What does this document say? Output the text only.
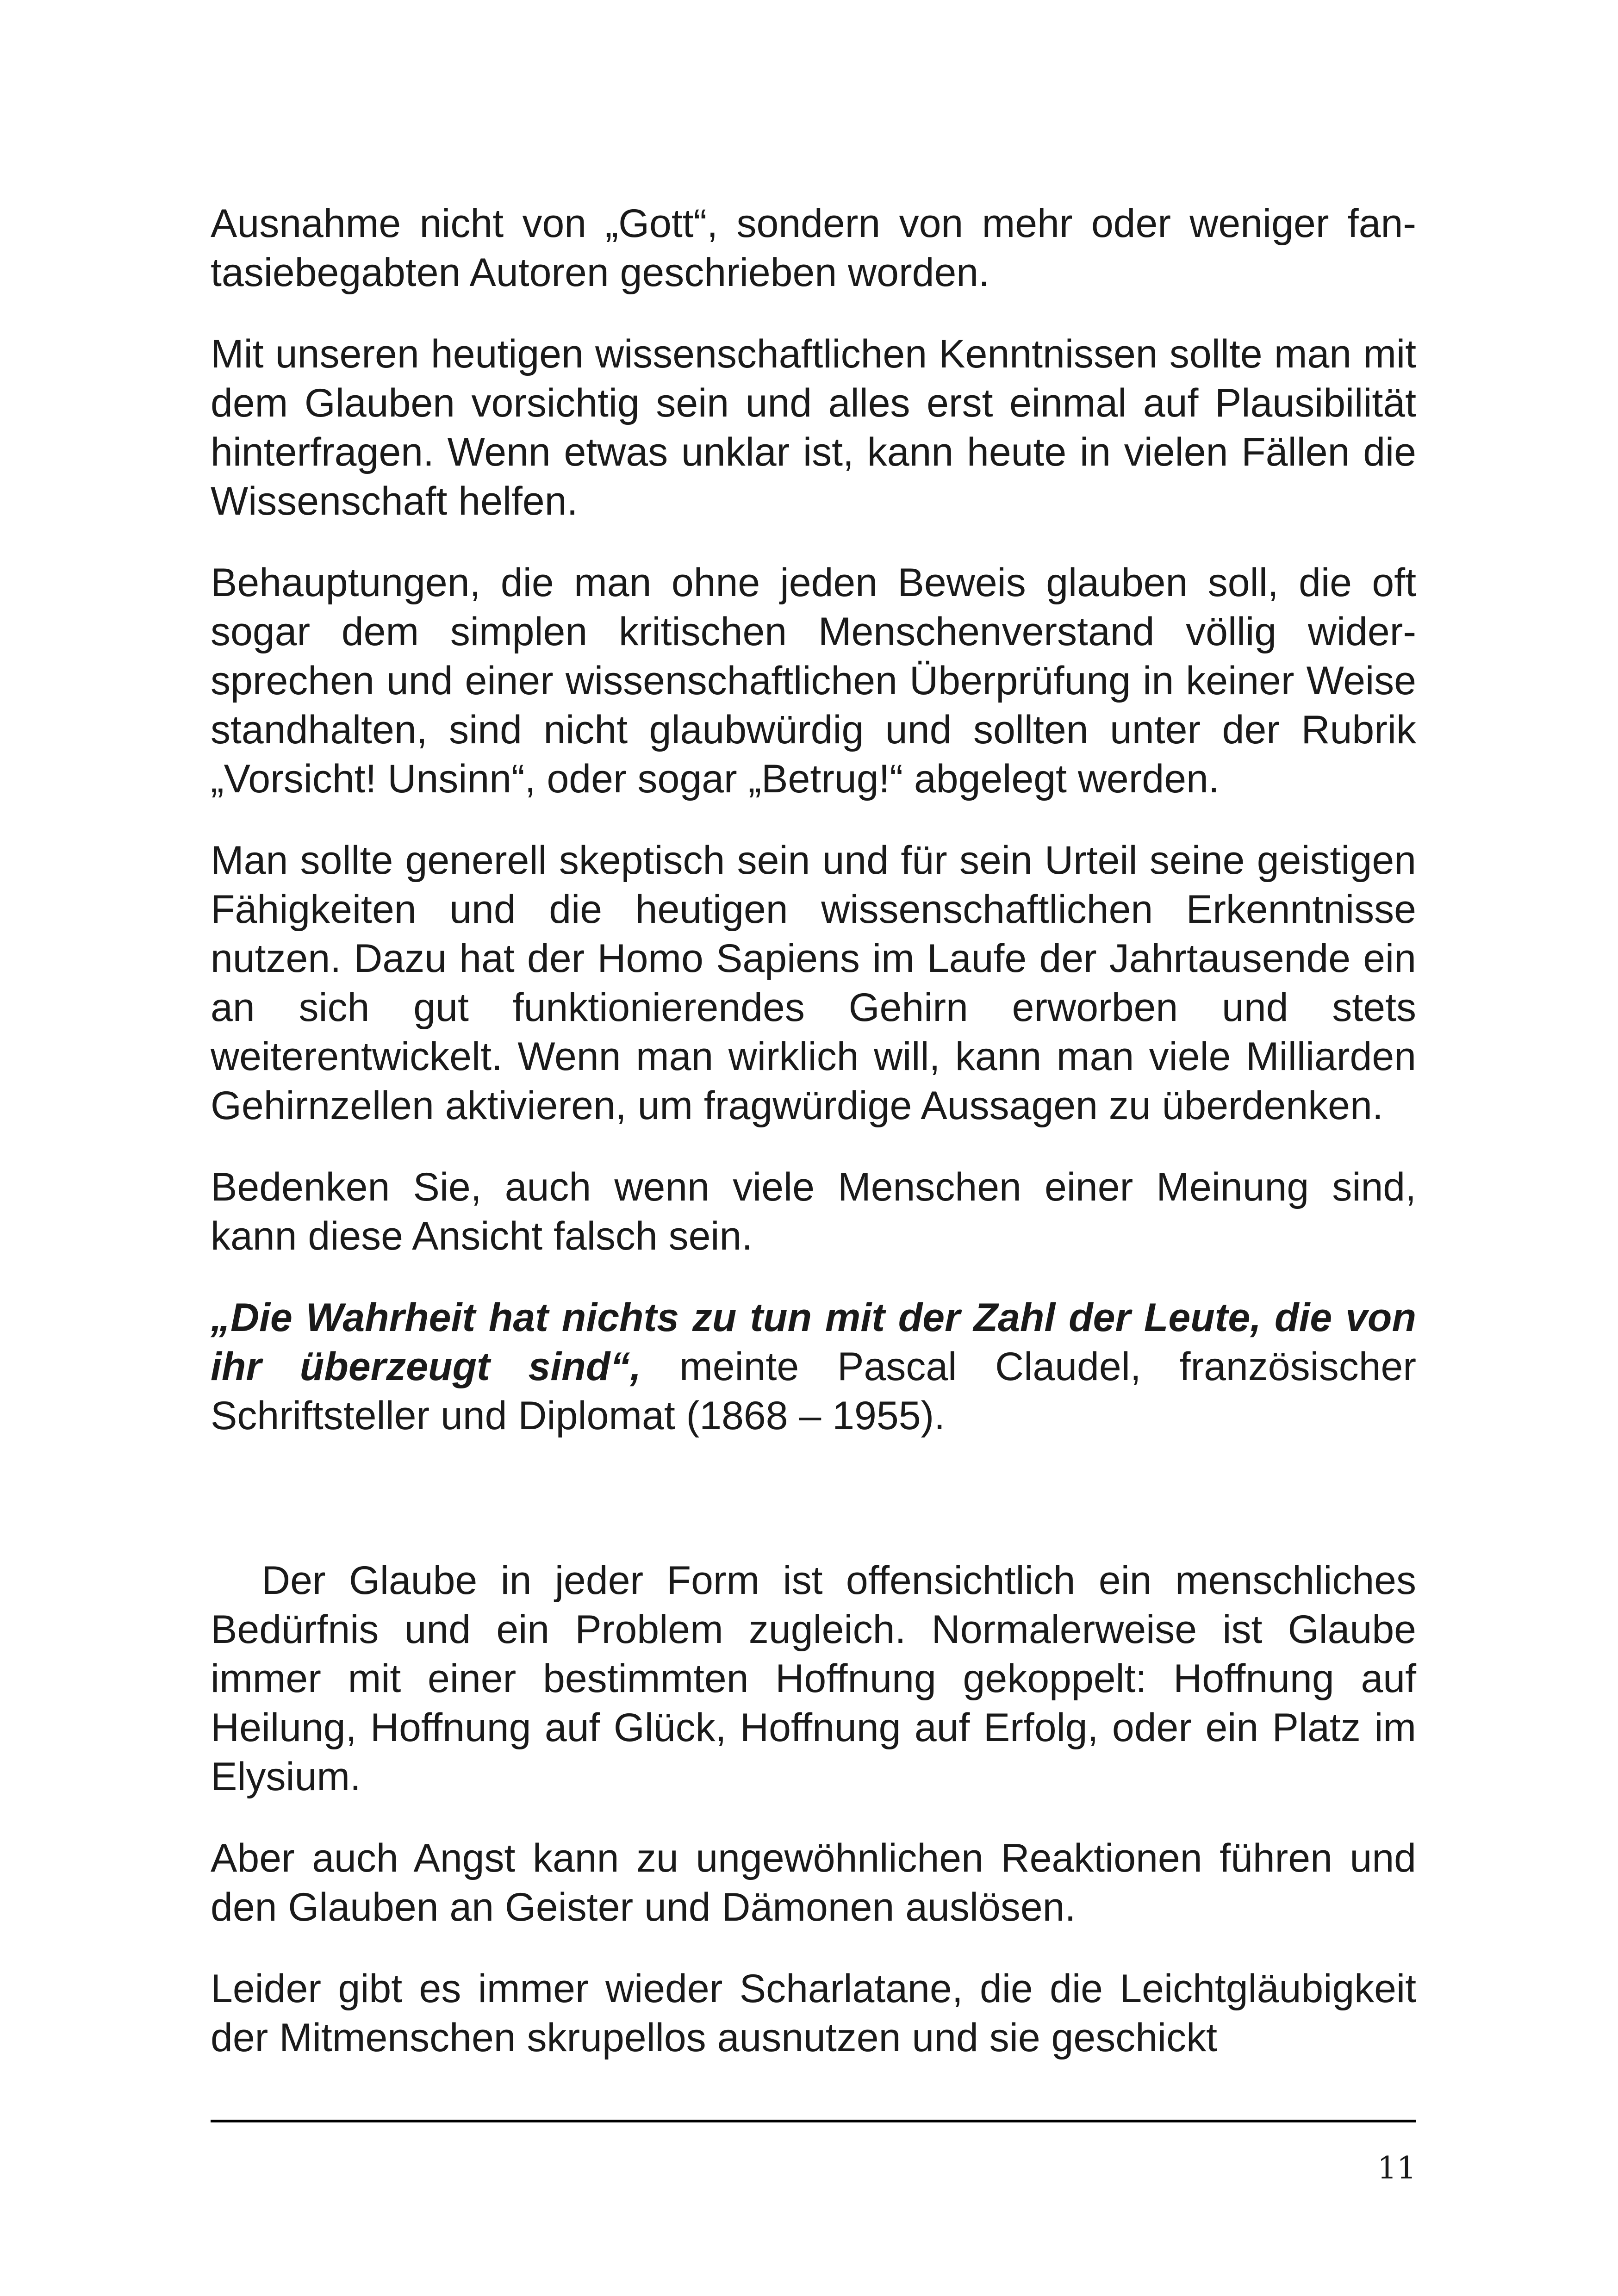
Ausnahme nicht von „Gott“, sondern von mehr oder weniger fantasiebegabten Autoren geschrieben worden.

Mit unseren heutigen wissenschaftlichen Kenntnissen sollte man mit dem Glauben vorsichtig sein und alles erst einmal auf Plausibilität hinterfragen. Wenn etwas unklar ist, kann heute in vielen Fällen die Wissenschaft helfen.

Behauptungen, die man ohne jeden Beweis glauben soll, die oft sogar dem simplen kritischen Menschenverstand völlig widersprechen und einer wissenschaftlichen Überprüfung in keiner Weise standhalten, sind nicht glaubwürdig und sollten unter der Rubrik „Vorsicht! Unsinn“, oder sogar „Betrug!“ abgelegt werden.

Man sollte generell skeptisch sein und für sein Urteil seine geistigen Fähigkeiten und die heutigen wissenschaftlichen Erkenntnisse nutzen. Dazu hat der Homo Sapiens im Laufe der Jahrtausende ein an sich gut funktionierendes Gehirn erworben und stets weiterentwickelt. Wenn man wirklich will, kann man viele Milliarden Gehirnzellen aktivieren, um fragwürdige Aussagen zu überdenken.

Bedenken Sie, auch wenn viele Menschen einer Meinung sind, kann diese Ansicht falsch sein.

„Die Wahrheit hat nichts zu tun mit der Zahl der Leute, die von ihr überzeugt sind“, meinte Pascal Claudel, französischer Schriftsteller und Diplomat (1868 – 1955).

Der Glaube in jeder Form ist offensichtlich ein menschliches Bedürfnis und ein Problem zugleich. Normalerweise ist Glaube immer mit einer bestimmten Hoffnung gekoppelt: Hoffnung auf Heilung, Hoffnung auf Glück, Hoffnung auf Erfolg, oder ein Platz im Elysium.

Aber auch Angst kann zu ungewöhnlichen Reaktionen führen und den Glauben an Geister und Dämonen auslösen.

Leider gibt es immer wieder Scharlatane, die die Leichtgläubigkeit der Mitmenschen skrupellos ausnutzen und sie geschickt

11
